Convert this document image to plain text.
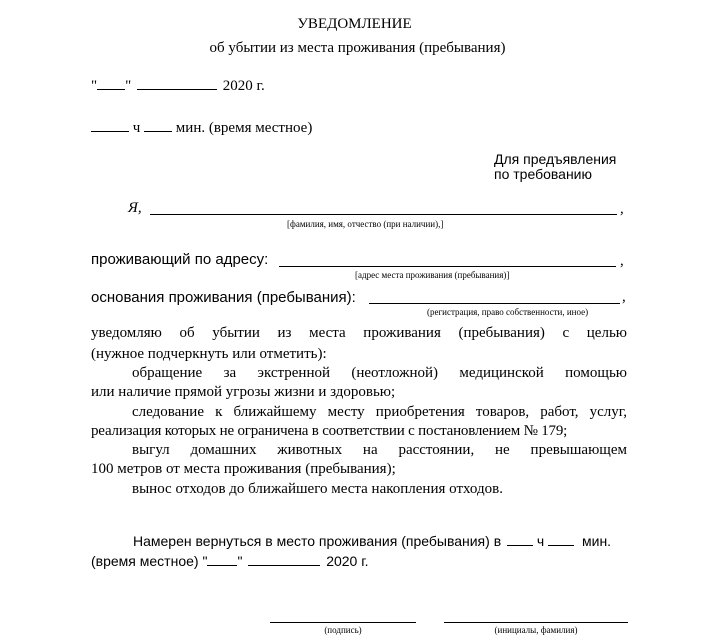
УВЕДОМЛЕНИЕ
об убытии из места проживания (пребывания)
" "	2020 г.
ч мин. (время местное)
Для предъявления
по требованию
Я,	,
[фамилия, имя, отчество (при наличии),]
проживающий по адресу:	,
[адрес места проживания (пребывания)]
основания проживания (пребывания):	,
(регистрация, право собственности, иное)
уведомляю  об  убытии  из  места  проживания  (пребывания)  с  целью
(нужное подчеркнуть или отметить):
обращение  за  экстренной  (неотложной)  медицинской  помощью
или наличие прямой угрозы жизни и здоровью;
следование к ближайшему месту приобретения товаров, работ, услуг,
реализация которых не ограничена в соответствии с постановлением № 179;
выгул  домашних  животных  на  расстоянии,  не  превышающем
100 метров от места проживания (пребывания);
вынос отходов до ближайшего места накопления отходов.
Намерен вернуться в место проживания (пребывания) в	ч	мин.
(время местное) " "	2020 г.
(подпись)	(инициалы, фамилия)
